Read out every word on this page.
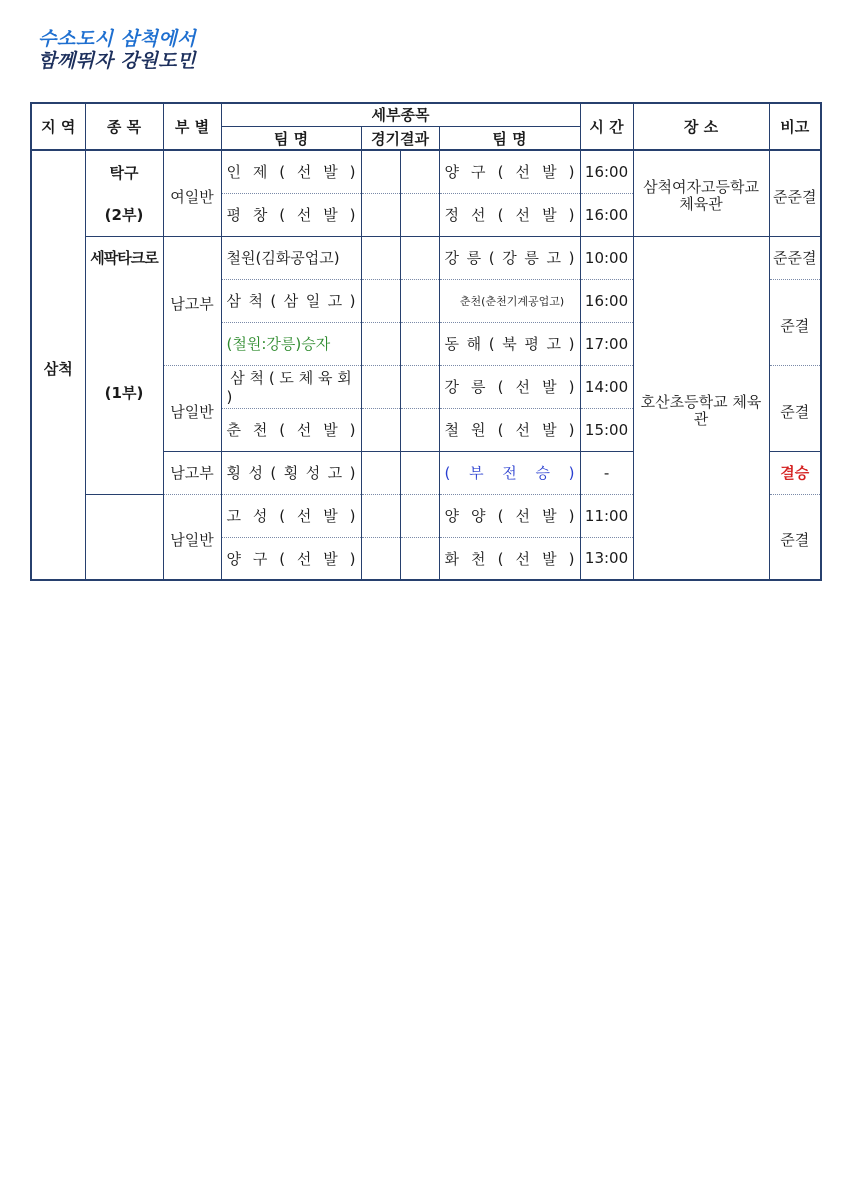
수소도시 삼척에서
함께뛰자 강원도민
지 역	종 목	부 별	세부종목				시 간	장 소	비고
			팀 명	경기결과		팀 명			
삼척	탁구	여일반	인 제 ( 선 발 )			양 구 ( 선 발 )	16:00	삼척여자고등학교 체육관	준준결
	(2부)		평 창 ( 선 발 )			정 선 ( 선 발 )	16:00		
	세팍타크로	남고부	철원(김화공업고)			강 릉 ( 강 릉 고 )	10:00	호산초등학교 체육관	준준결
	(1부)		삼 척 ( 삼 일 고 )			춘천(춘천기계공업고)	16:00		준결
			(철원:강릉)승자			동 해 ( 북 평 고 )	17:00		
		남일반	삼 척 ( 도 체 육 회 )			강 릉 ( 선 발 )	14:00		준결
			춘 천 ( 선 발 )			철 원 ( 선 발 )	15:00		
		남고부	횡 성 ( 횡 성 고 )			( 부 전 승 )	-		결승
		남일반	고 성 ( 선 발 )			양 양 ( 선 발 )	11:00		준결
			양 구 ( 선 발 )			화 천 ( 선 발 )	13:00		
